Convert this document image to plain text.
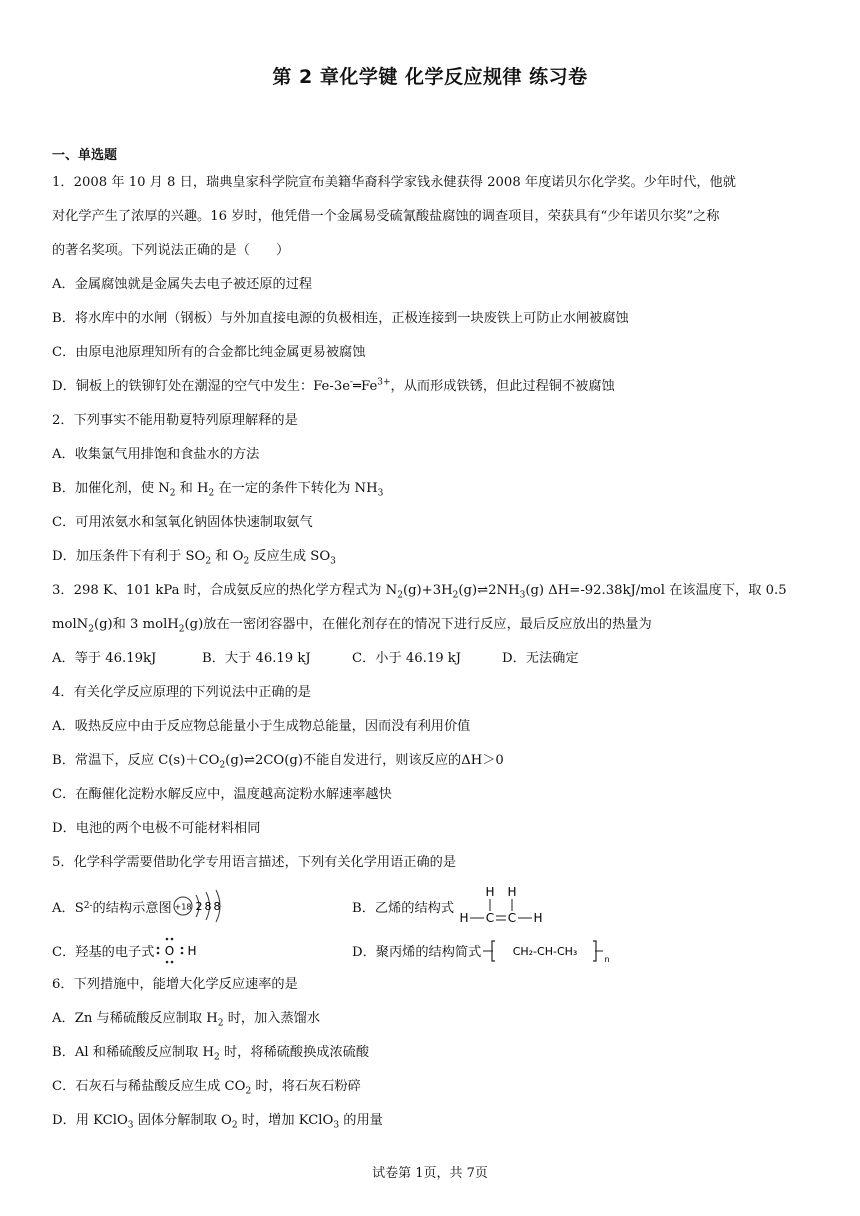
第 2 章化学键 化学反应规律 练习卷
一、单选题
1．2008 年 10 月 8 日，瑞典皇家科学院宣布美籍华裔科学家钱永健获得 2008 年度诺贝尔化学奖。少年时代，他就
对化学产生了浓厚的兴趣。16 岁时，他凭借一个金属易受硫氰酸盐腐蚀的调查项目，荣获具有“少年诺贝尔奖”之称
的著名奖项。下列说法正确的是（　　）
A．金属腐蚀就是金属失去电子被还原的过程
B．将水库中的水闸（钢板）与外加直接电源的负极相连，正极连接到一块废铁上可防止水闸被腐蚀
C．由原电池原理知所有的合金都比纯金属更易被腐蚀
D．铜板上的铁铆钉处在潮湿的空气中发生：$Fe-3e^-═Fe^{3+}$，从而形成铁锈，但此过程铜不被腐蚀
2．下列事实不能用勒夏特列原理解释的是
A．收集氯气用排饱和食盐水的方法
B．加催化剂，使 $N_2$ 和 $H_2$ 在一定的条件下转化为 $NH_3$
C．可用浓氨水和氢氧化钠固体快速制取氨气
D．加压条件下有利于 $SO_2$ 和 $O_2$ 反应生成 $SO_3$
3．298 K、101 kPa 时，合成氨反应的热化学方程式为 $N_2(g)+3H_2(g)\rightleftharpoons 2NH_3(g)$ ΔH=-92.38kJ/mol 在该温度下，取 0.5
molN$_2$(g)和 3 molH$_2$(g)放在一密闭容器中，在催化剂存在的情况下进行反应，最后反应放出的热量为
A．等于 46.19kJ	B．大于 46.19 kJ	C．小于 46.19 kJ	D．无法确定
4．有关化学反应原理的下列说法中正确的是
A．吸热反应中由于反应物总能量小于生成物总能量，因而没有利用价值
B．常温下，反应 $C(s)+CO_2(g)\rightleftharpoons 2CO(g)$不能自发进行，则该反应的ΔH＞0
C．在酶催化淀粉水解反应中，温度越高淀粉水解速率越快
D．电池的两个电极不可能材料相同
5．化学科学需要借助化学专用语言描述，下列有关化学用语正确的是
A．S 2- 的结构示意图 +18 288	B．乙烯的结构式
H H
H C C H
C．羟基的电子式 O H	D．聚丙烯的结构简式	CH₂-CH-CH₃
n
6．下列措施中，能增大化学反应速率的是
A．Zn 与稀硫酸反应制取 $H_2$ 时，加入蒸馏水
B．Al 和稀硫酸反应制取 $H_2$ 时，将稀硫酸换成浓硫酸
C．石灰石与稀盐酸反应生成 $CO_2$ 时，将石灰石粉碎
D．用 KClO$_3$ 固体分解制取 $O_2$ 时，增加 KClO$_3$ 的用量
试卷第 1页，共 7页
